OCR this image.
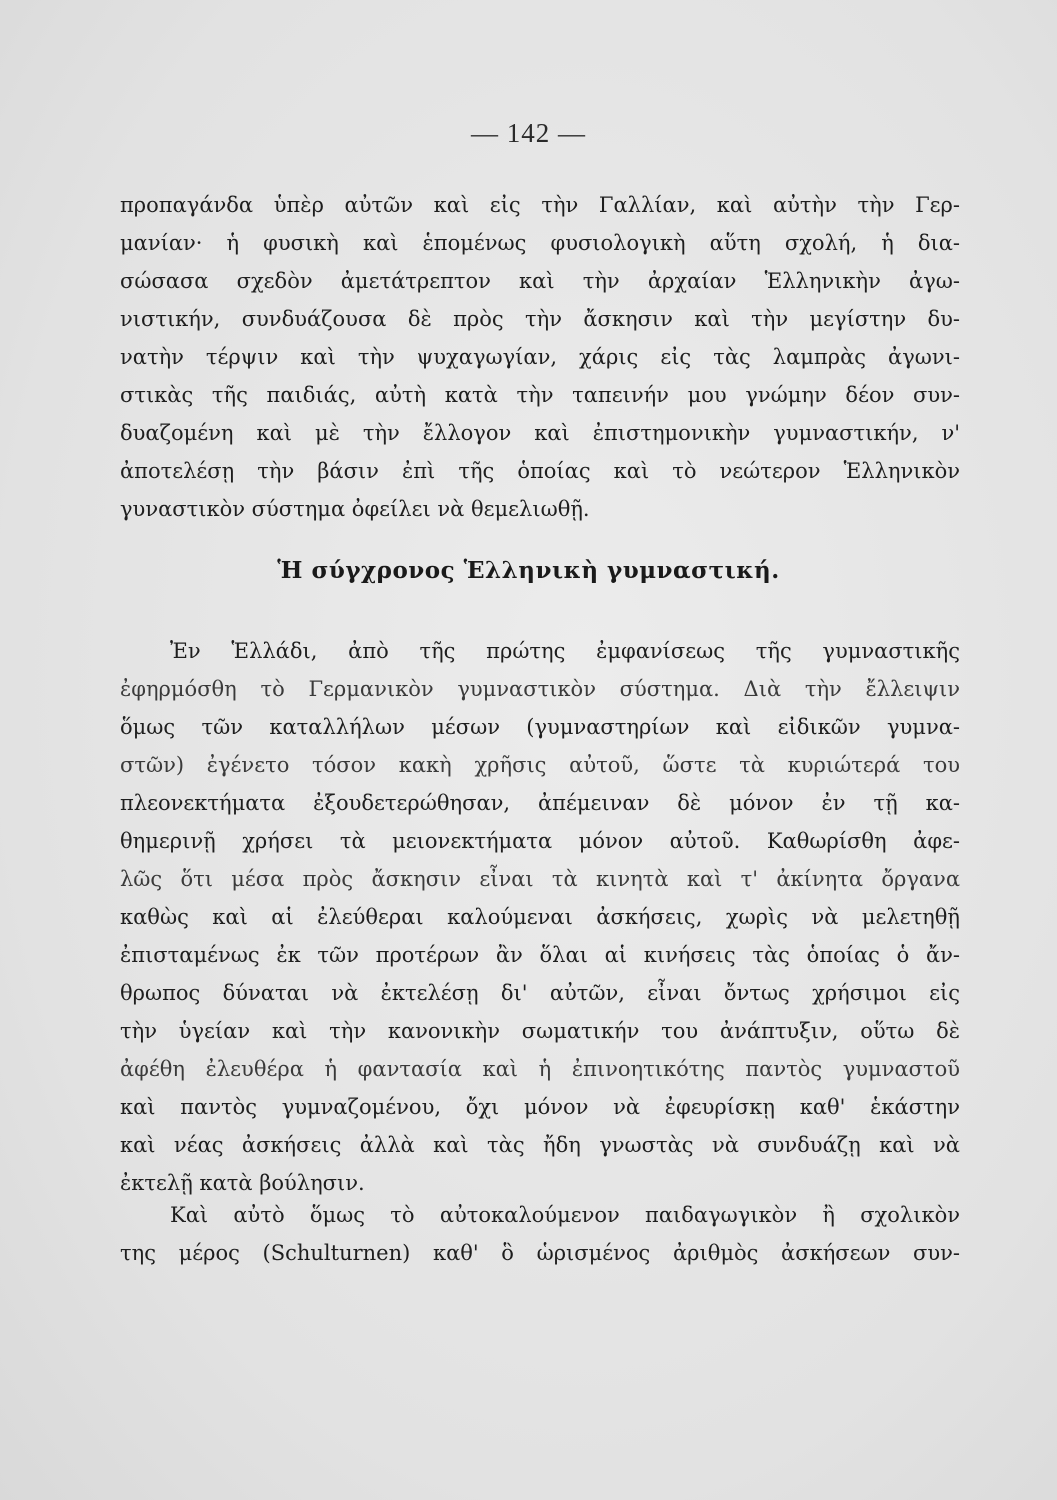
— 142 —
προπαγάνδα ὑπὲρ αὐτῶν καὶ εἰς τὴν Γαλλίαν, καὶ αὐτὴν τὴν Γερ-
μανίαν· ἡ φυσικὴ καὶ ἑπομένως φυσιολογικὴ αὕτη σχολή, ἡ δια-
σώσασα σχεδὸν ἀμετάτρεπτον καὶ τὴν ἀρχαίαν Ἑλληνικὴν ἀγω-
νιστικήν, συνδυάζουσα δὲ πρὸς τὴν ἄσκησιν καὶ τὴν μεγίστην δυ-
νατὴν τέρψιν καὶ τὴν ψυχαγωγίαν, χάρις εἰς τὰς λαμπρὰς ἀγωνι-
στικὰς τῆς παιδιάς, αὐτὴ κατὰ τὴν ταπεινήν μου γνώμην δέον συν-
δυαζομένη καὶ μὲ τὴν ἔλλογον καὶ ἐπιστημονικὴν γυμναστικήν, ν'
ἀποτελέσῃ τὴν βάσιν ἐπὶ τῆς ὁποίας καὶ τὸ νεώτερον Ἑλληνικὸν
γυναστικὸν σύστημα ὀφείλει νὰ θεμελιωθῇ.
Ἡ σύγχρονος Ἑλληνικὴ γυμναστική.
Ἐν Ἑλλάδι, ἀπὸ τῆς πρώτης ἐμφανίσεως τῆς γυμναστικῆς
ἐφηρμόσθη τὸ Γερμανικὸν γυμναστικὸν σύστημα. Διὰ τὴν ἔλλειψιν
ὅμως τῶν καταλλήλων μέσων (γυμναστηρίων καὶ εἰδικῶν γυμνα-
στῶν) ἐγένετο τόσον κακὴ χρῆσις αὐτοῦ, ὥστε τὰ κυριώτερά του
πλεονεκτήματα ἐξουδετερώθησαν, ἀπέμειναν δὲ μόνον ἐν τῇ κα-
θημερινῇ χρήσει τὰ μειονεκτήματα μόνον αὐτοῦ. Καθωρίσθη ἀφε-
λῶς ὅτι μέσα πρὸς ἄσκησιν εἶναι τὰ κινητὰ καὶ τ' ἀκίνητα ὄργανα
καθὼς καὶ αἱ ἐλεύθεραι καλούμεναι ἀσκήσεις, χωρὶς νὰ μελετηθῇ
ἐπισταμένως ἐκ τῶν προτέρων ἂν ὅλαι αἱ κινήσεις τὰς ὁποίας ὁ ἄν-
θρωπος δύναται νὰ ἐκτελέσῃ δι' αὐτῶν, εἶναι ὄντως χρήσιμοι εἰς
τὴν ὑγείαν καὶ τὴν κανονικὴν σωματικήν του ἀνάπτυξιν, οὕτω δὲ
ἀφέθη ἐλευθέρα ἡ φαντασία καὶ ἡ ἐπινοητικότης παντὸς γυμναστοῦ
καὶ παντὸς γυμναζομένου, ὄχι μόνον νὰ ἐφευρίσκῃ καθ' ἑκάστην
καὶ νέας ἀσκήσεις ἀλλὰ καὶ τὰς ἤδη γνωστὰς νὰ συνδυάζῃ καὶ νὰ
ἐκτελῇ κατὰ βούλησιν.
Καὶ αὐτὸ ὅμως τὸ αὐτοκαλούμενον παιδαγωγικὸν ἢ σχολικὸν
της μέρος (Schulturnen) καθ' ὃ ὡρισμένος ἀριθμὸς ἀσκήσεων συν-
